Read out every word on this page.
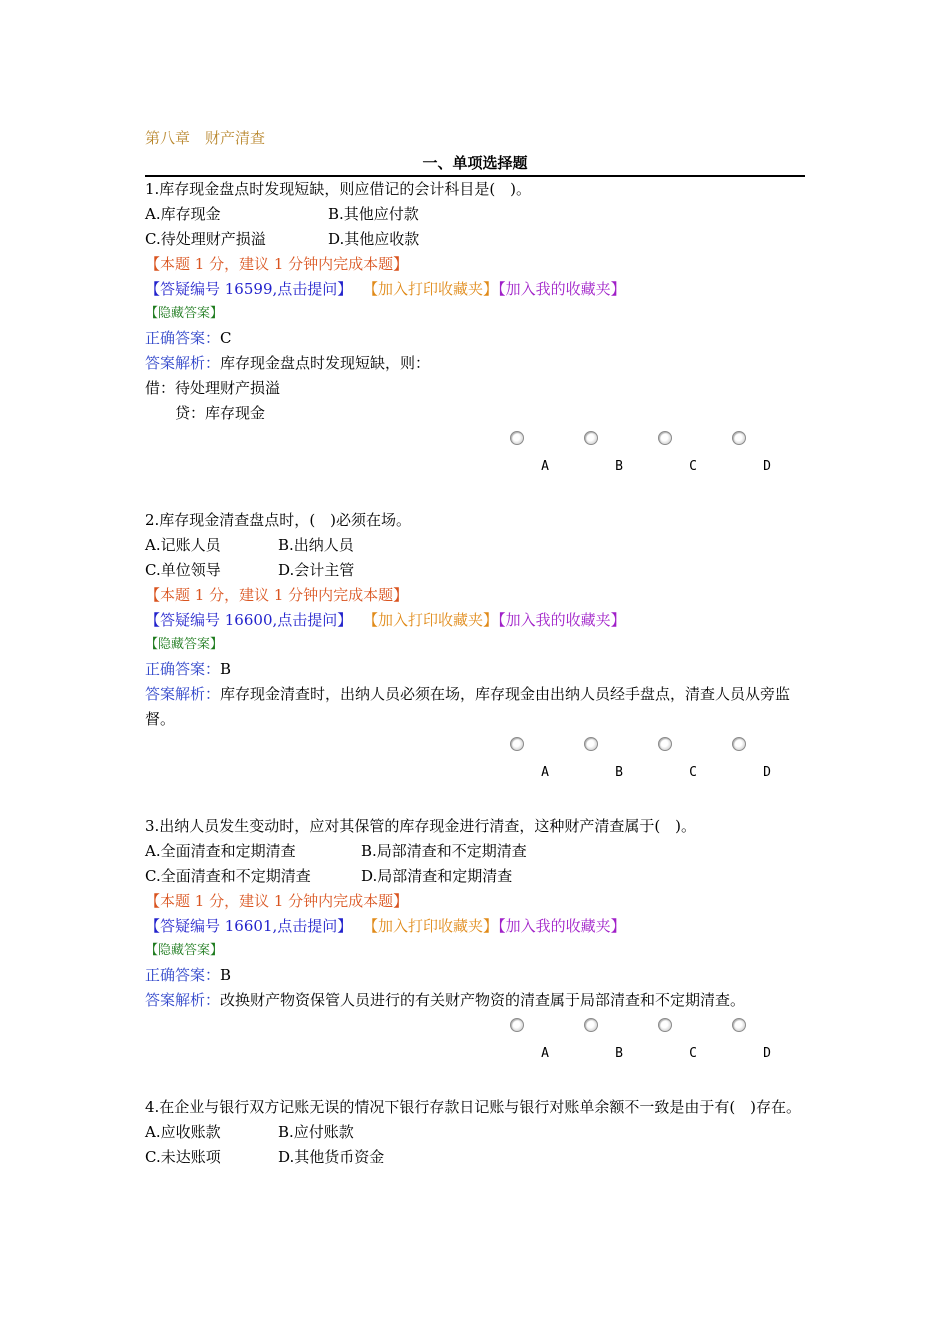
第八章　财产清查
一、单项选择题
1.库存现金盘点时发现短缺，则应借记的会计科目是(　)。
A.库存现金	B.其他应付款
C.待处理财产损溢	D.其他应收款
【本题 1 分，建议 1 分钟内完成本题】
【答疑编号 16599,点击提问】 【加入打印收藏夹】【加入我的收藏夹】
【隐藏答案】
正确答案：C
答案解析：库存现金盘点时发现短缺，则：
借：待处理财产损溢
　　贷：库存现金
A	B	C	D
2.库存现金清查盘点时，(　)必须在场。
A.记账人员	B.出纳人员
C.单位领导	D.会计主管
【本题 1 分，建议 1 分钟内完成本题】
【答疑编号 16600,点击提问】 【加入打印收藏夹】【加入我的收藏夹】
【隐藏答案】
正确答案：B
答案解析：库存现金清查时，出纳人员必须在场，库存现金由出纳人员经手盘点，清查人员从旁监督。
A	B	C	D
3.出纳人员发生变动时，应对其保管的库存现金进行清查，这种财产清查属于(　)。
A.全面清查和定期清查	B.局部清查和不定期清查
C.全面清查和不定期清查	D.局部清查和定期清查
【本题 1 分，建议 1 分钟内完成本题】
【答疑编号 16601,点击提问】 【加入打印收藏夹】【加入我的收藏夹】
【隐藏答案】
正确答案：B
答案解析：改换财产物资保管人员进行的有关财产物资的清查属于局部清查和不定期清查。
A	B	C	D
4.在企业与银行双方记账无误的情况下银行存款日记账与银行对账单余额不一致是由于有(　)存在。
A.应收账款	B.应付账款
C.未达账项	D.其他货币资金
